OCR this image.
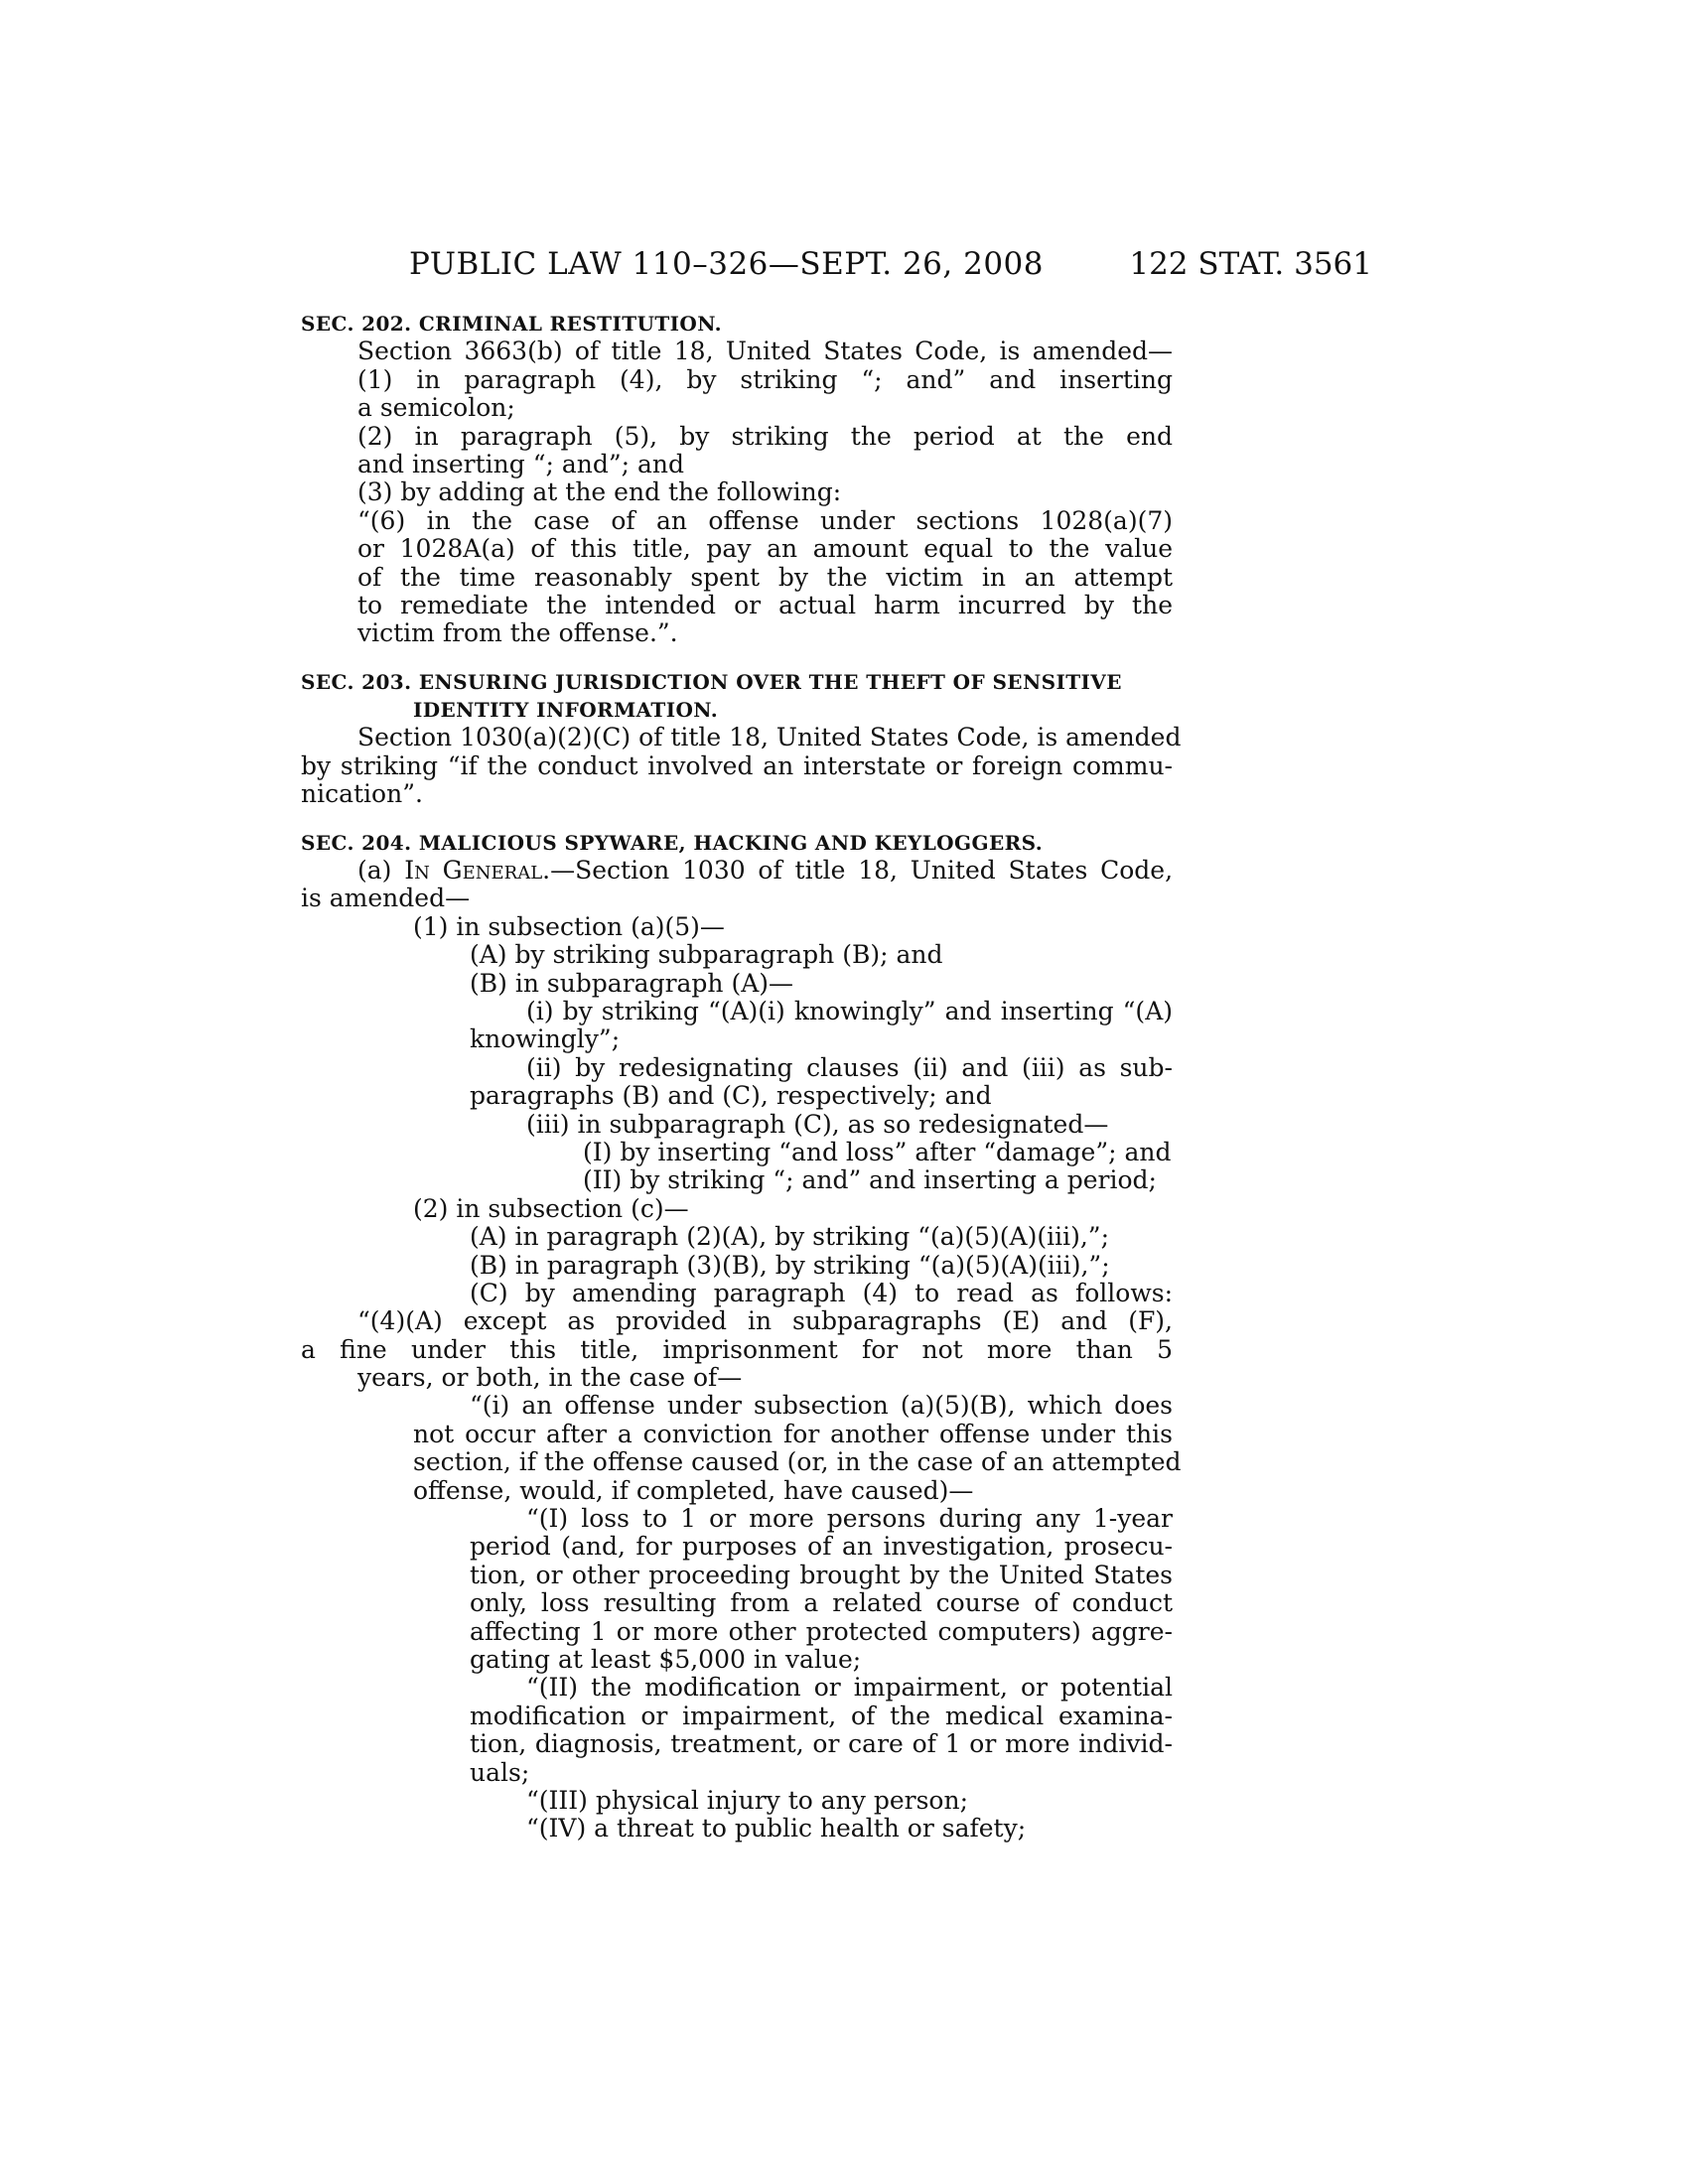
PUBLIC LAW 110–326—SEPT. 26, 2008	122 STAT. 3561
SEC. 202. CRIMINAL RESTITUTION.
Section 3663(b) of title 18, United States Code, is amended—
(1) in paragraph (4), by striking “; and” and inserting
a semicolon;
(2) in paragraph (5), by striking the period at the end
and inserting “; and”; and
(3) by adding at the end the following:
“(6) in the case of an offense under sections 1028(a)(7)
or 1028A(a) of this title, pay an amount equal to the value
of the time reasonably spent by the victim in an attempt
to remediate the intended or actual harm incurred by the
victim from the offense.”.
SEC. 203. ENSURING JURISDICTION OVER THE THEFT OF SENSITIVE
IDENTITY INFORMATION.
Section 1030(a)(2)(C) of title 18, United States Code, is amended
by striking “if the conduct involved an interstate or foreign commu-
nication”.
SEC. 204. MALICIOUS SPYWARE, HACKING AND KEYLOGGERS.
(a) In General.—Section 1030 of title 18, United States Code,
is amended—
(1) in subsection (a)(5)—
(A) by striking subparagraph (B); and
(B) in subparagraph (A)—
(i) by striking “(A)(i) knowingly” and inserting “(A)
knowingly”;
(ii) by redesignating clauses (ii) and (iii) as sub-
paragraphs (B) and (C), respectively; and
(iii) in subparagraph (C), as so redesignated—
(I) by inserting “and loss” after “damage”; and
(II) by striking “; and” and inserting a period;
(2) in subsection (c)—
(A) in paragraph (2)(A), by striking “(a)(5)(A)(iii),”;
(B) in paragraph (3)(B), by striking “(a)(5)(A)(iii),”;
(C) by amending paragraph (4) to read as follows:
“(4)(A) except as provided in subparagraphs (E) and (F),
a fine under this title, imprisonment for not more than 5
years, or both, in the case of—
“(i) an offense under subsection (a)(5)(B), which does
not occur after a conviction for another offense under this
section, if the offense caused (or, in the case of an attempted
offense, would, if completed, have caused)—
“(I) loss to 1 or more persons during any 1-year
period (and, for purposes of an investigation, prosecu-
tion, or other proceeding brought by the United States
only, loss resulting from a related course of conduct
affecting 1 or more other protected computers) aggre-
gating at least $5,000 in value;
“(II) the modification or impairment, or potential
modification or impairment, of the medical examina-
tion, diagnosis, treatment, or care of 1 or more individ-
uals;
“(III) physical injury to any person;
“(IV) a threat to public health or safety;
